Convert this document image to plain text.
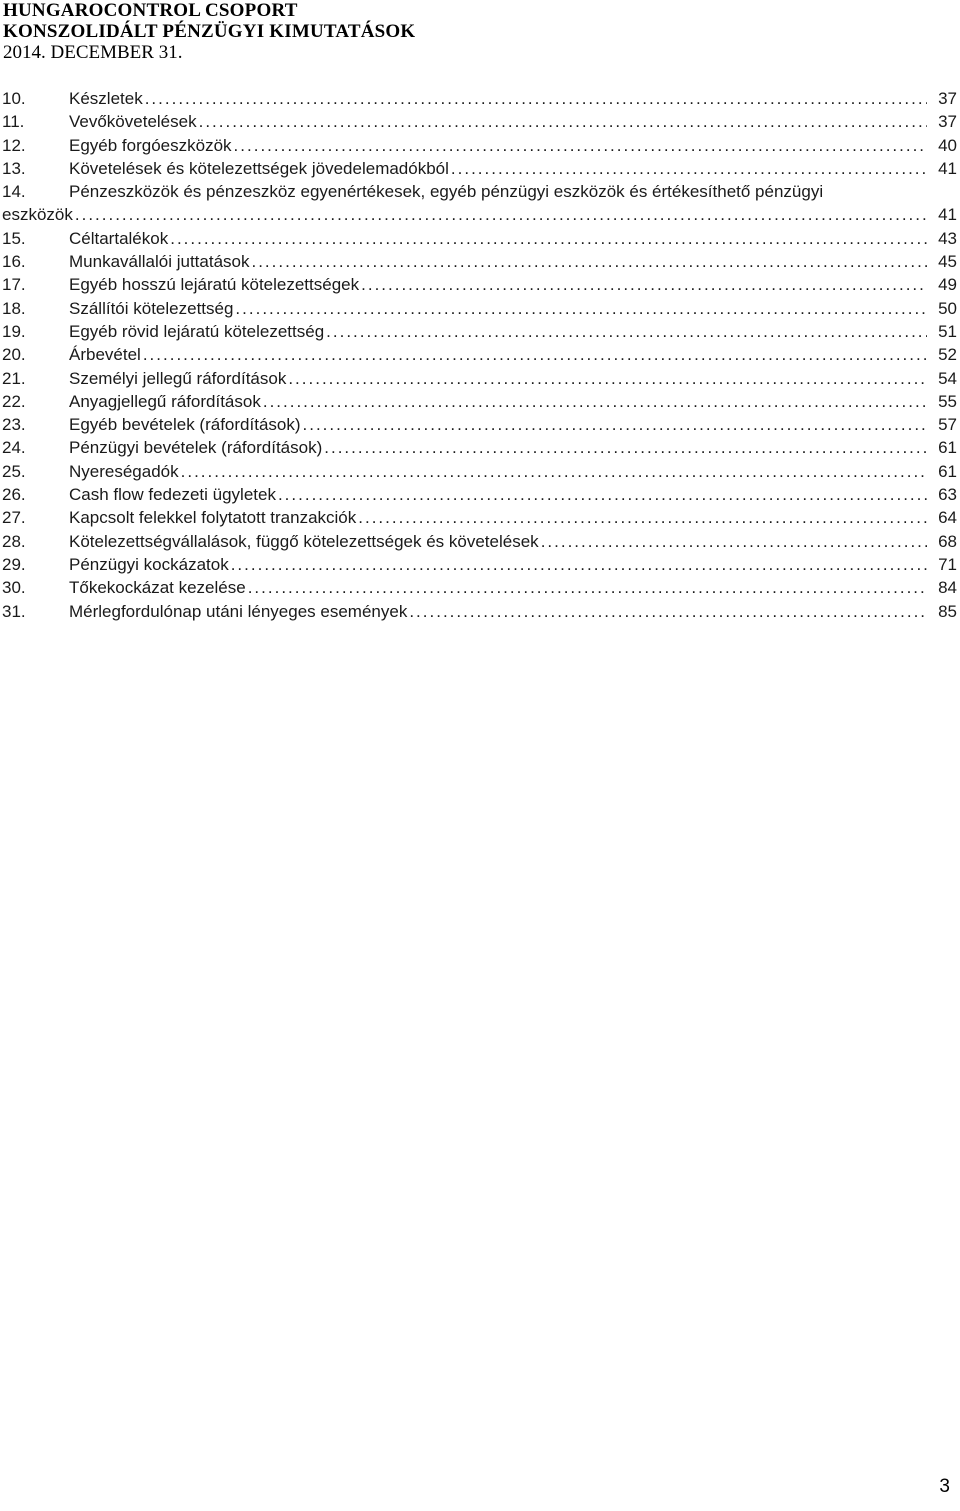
HUNGAROCONTROL CSOPORT
KONSZOLIDÁLT PÉNZÜGYI KIMUTATÁSOK
2014. DECEMBER 31.
10.	Készletek .....	37
11.	Vevőkövetelések .....	37
12.	Egyéb forgóeszközök .....	40
13.	Követelések és kötelezettségek jövedelemadókból .....	41
14.	Pénzeszközök és pénzeszköz egyenértékesek, egyéb pénzügyi eszközök és értékesíthető pénzügyi
eszközök .....	41
15.	Céltartalékok .....	43
16.	Munkavállalói juttatások .....	45
17.	Egyéb hosszú lejáratú kötelezettségek .....	49
18.	Szállítói kötelezettség .....	50
19.	Egyéb rövid lejáratú kötelezettség .....	51
20.	Árbevétel .....	52
21.	Személyi jellegű ráfordítások .....	54
22.	Anyagjellegű ráfordítások .....	55
23.	Egyéb bevételek (ráfordítások) .....	57
24.	Pénzügyi bevételek (ráfordítások) .....	61
25.	Nyereségadók .....	61
26.	Cash flow fedezeti ügyletek .....	63
27.	Kapcsolt felekkel folytatott tranzakciók .....	64
28.	Kötelezettségvállalások, függő kötelezettségek és követelések .....	68
29.	Pénzügyi kockázatok .....	71
30.	Tőkekockázat kezelése .....	84
31.	Mérlegfordulónap utáni lényeges események .....	85
3
